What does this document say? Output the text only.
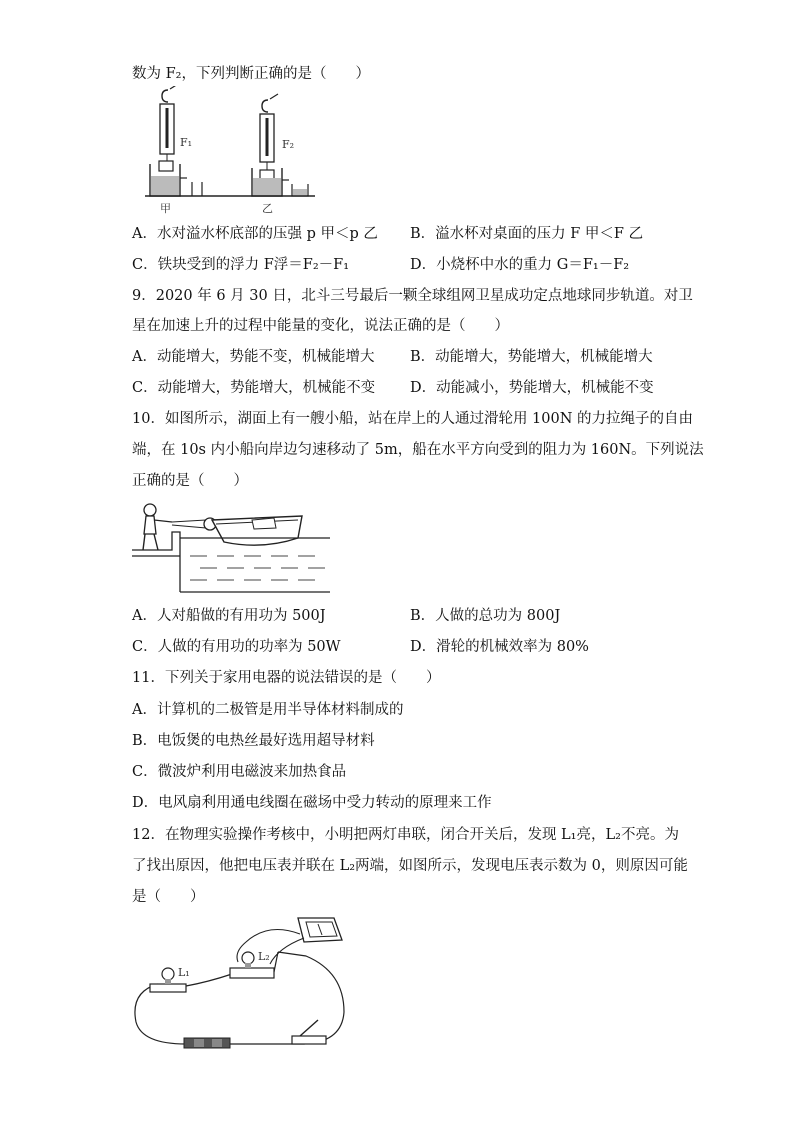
数为 F₂，下列判断正确的是（　　）
F₁	F₂
甲	乙
A．水对溢水杯底部的压强 p 甲＜p 乙 B．溢水杯对桌面的压力 F 甲＜F 乙
C．铁块受到的浮力 F浮＝F₂－F₁	D．小烧杯中水的重力 G＝F₁－F₂
9．2020 年 6 月 30 日，北斗三号最后一颗全球组网卫星成功定点地球同步轨道。对卫
星在加速上升的过程中能量的变化，说法正确的是（　　）
A．动能增大，势能不变，机械能增大 B．动能增大，势能增大，机械能增大
C．动能增大，势能增大，机械能不变 D．动能减小，势能增大，机械能不变
10．如图所示，湖面上有一艘小船，站在岸上的人通过滑轮用 100N 的力拉绳子的自由
端，在 10s 内小船向岸边匀速移动了 5m，船在水平方向受到的阻力为 160N。下列说法
正确的是（　　）
A．人对船做的有用功为 500J	B．人做的总功为 800J
C．人做的有用功的功率为 50W	D．滑轮的机械效率为 80%
11．下列关于家用电器的说法错误的是（　　）
A．计算机的二极管是用半导体材料制成的
B．电饭煲的电热丝最好选用超导材料
C．微波炉利用电磁波来加热食品
D．电风扇利用通电线圈在磁场中受力转动的原理来工作
12．在物理实验操作考核中，小明把两灯串联，闭合开关后，发现 L₁亮，L₂不亮。为
了找出原因，他把电压表并联在 L₂两端，如图所示，发现电压表示数为 0，则原因可能
是（　　）
L₁
L₂
